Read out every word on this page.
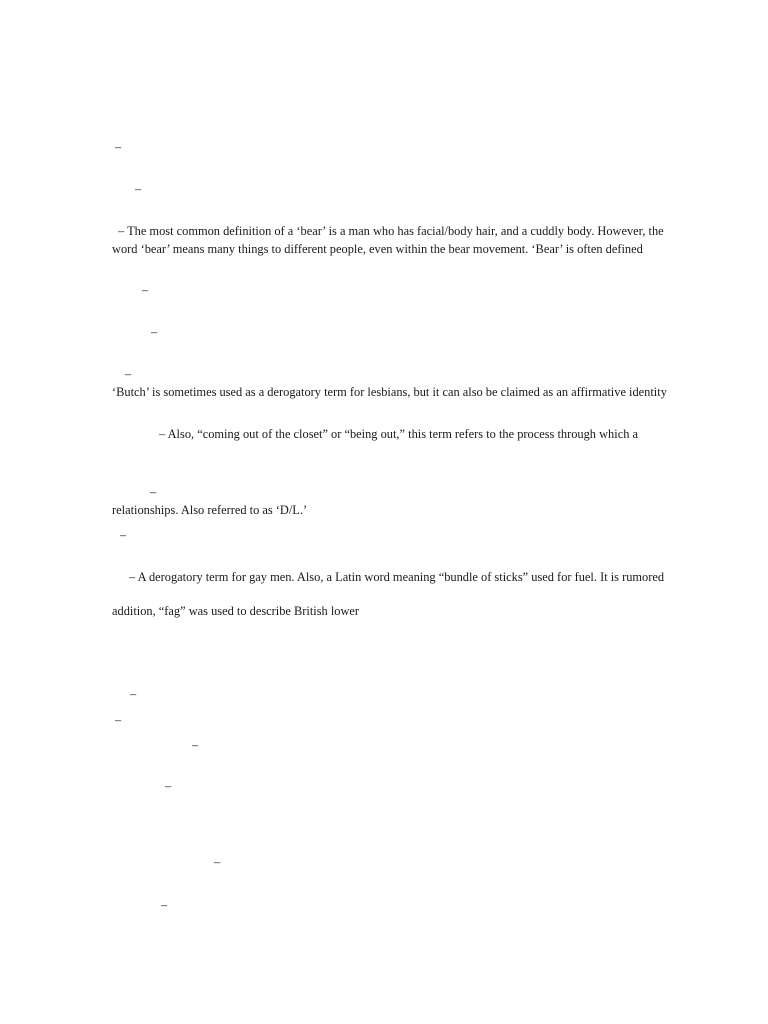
–
–
– The most common definition of a ‘bear’ is a man who has facial/body hair, and a cuddly body. However, the
word ‘bear’ means many things to different people, even within the bear movement. ‘Bear’ is often defined
–
–
–
‘Butch’ is sometimes used as a derogatory term for lesbians, but it can also be claimed as an affirmative identity
– Also, “coming out of the closet” or “being out,” this term refers to the process through which a
–
relationships. Also referred to as ‘D/L.’
–
– A derogatory term for gay men. Also, a Latin word meaning “bundle of sticks” used for fuel. It is rumored
addition, “fag” was used to describe British lower
–
–
–
–
–
–
